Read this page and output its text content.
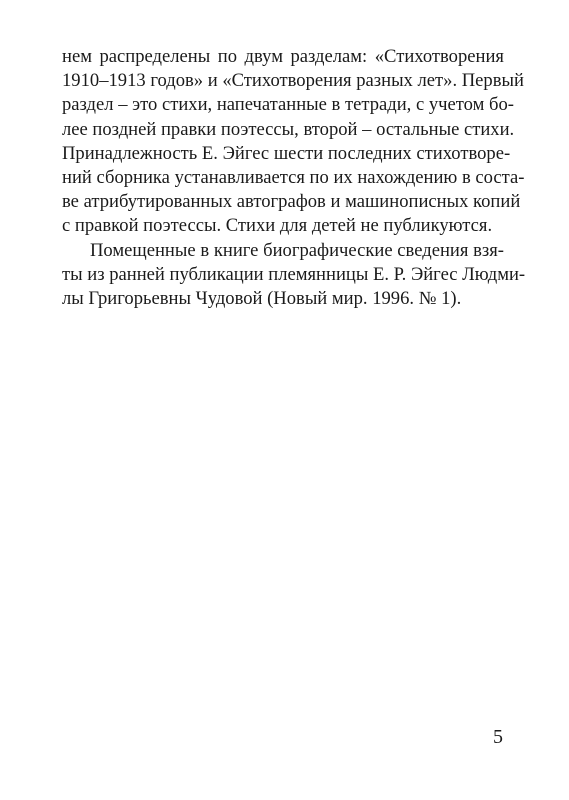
нем распределены по двум разделам: «Стихотворения
1910–1913 годов» и «Стихотворения разных лет». Первый
раздел – это стихи, напечатанные в тетради, с учетом бо-
лее поздней правки поэтессы, второй – остальные стихи.
Принадлежность Е. Эйгес шести последних стихотворе-
ний сборника устанавливается по их нахождению в соста-
ве атрибутированных автографов и машинописных копий
с правкой поэтессы. Стихи для детей не публикуются.
Помещенные в книге биографические сведения взя-
ты из ранней публикации племянницы Е. Р. Эйгес Людми-
лы Григорьевны Чудовой (Новый мир. 1996. № 1).
5
